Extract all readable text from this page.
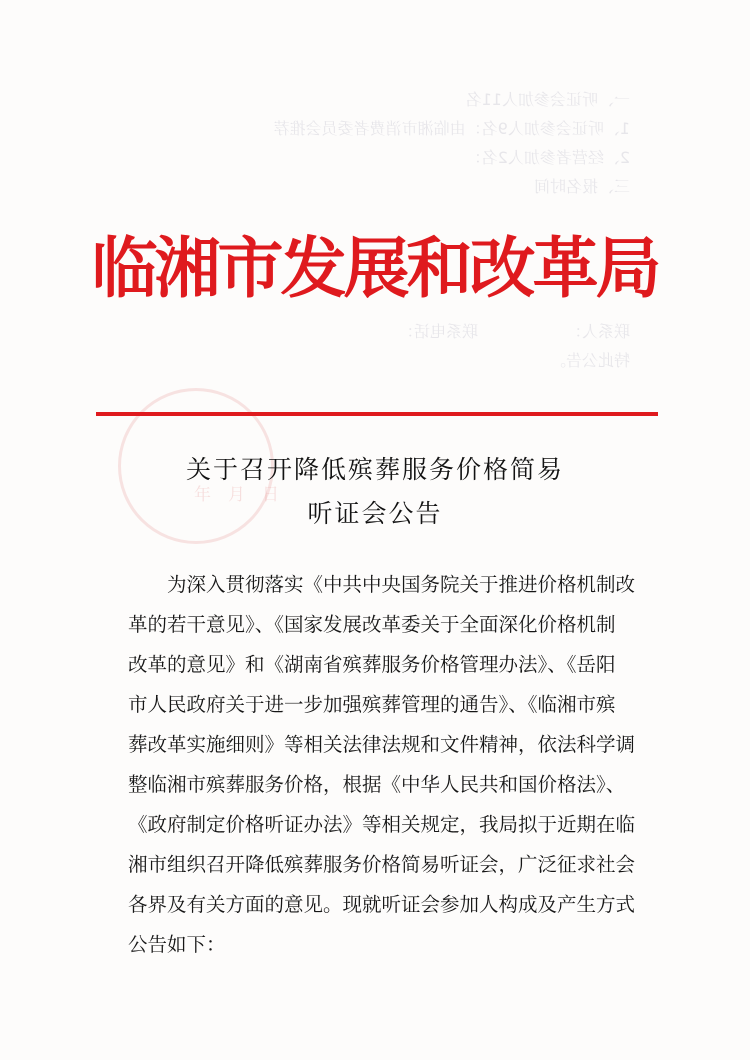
一、听证会参加人11名
1、听证会参加人9名：由临湘市消费者委员会推荐
2、经营者参加人2名：
三、报名时间

联系人：　　　　　　联系电话：
特此公告。
　　年　月　日
临湘市发展和改革局
关于召开降低殡葬服务价格简易
听证会公告
为深入贯彻落实《中共中央国务院关于推进价格机制改
革的若干意见》、《国家发展改革委关于全面深化价格机制
改革的意见》和《湖南省殡葬服务价格管理办法》、《岳阳
市人民政府关于进一步加强殡葬管理的通告》、《临湘市殡
葬改革实施细则》等相关法律法规和文件精神，依法科学调
整临湘市殡葬服务价格，根据《中华人民共和国价格法》、
《政府制定价格听证办法》等相关规定，我局拟于近期在临
湘市组织召开降低殡葬服务价格简易听证会，广泛征求社会
各界及有关方面的意见。现就听证会参加人构成及产生方式
公告如下：
